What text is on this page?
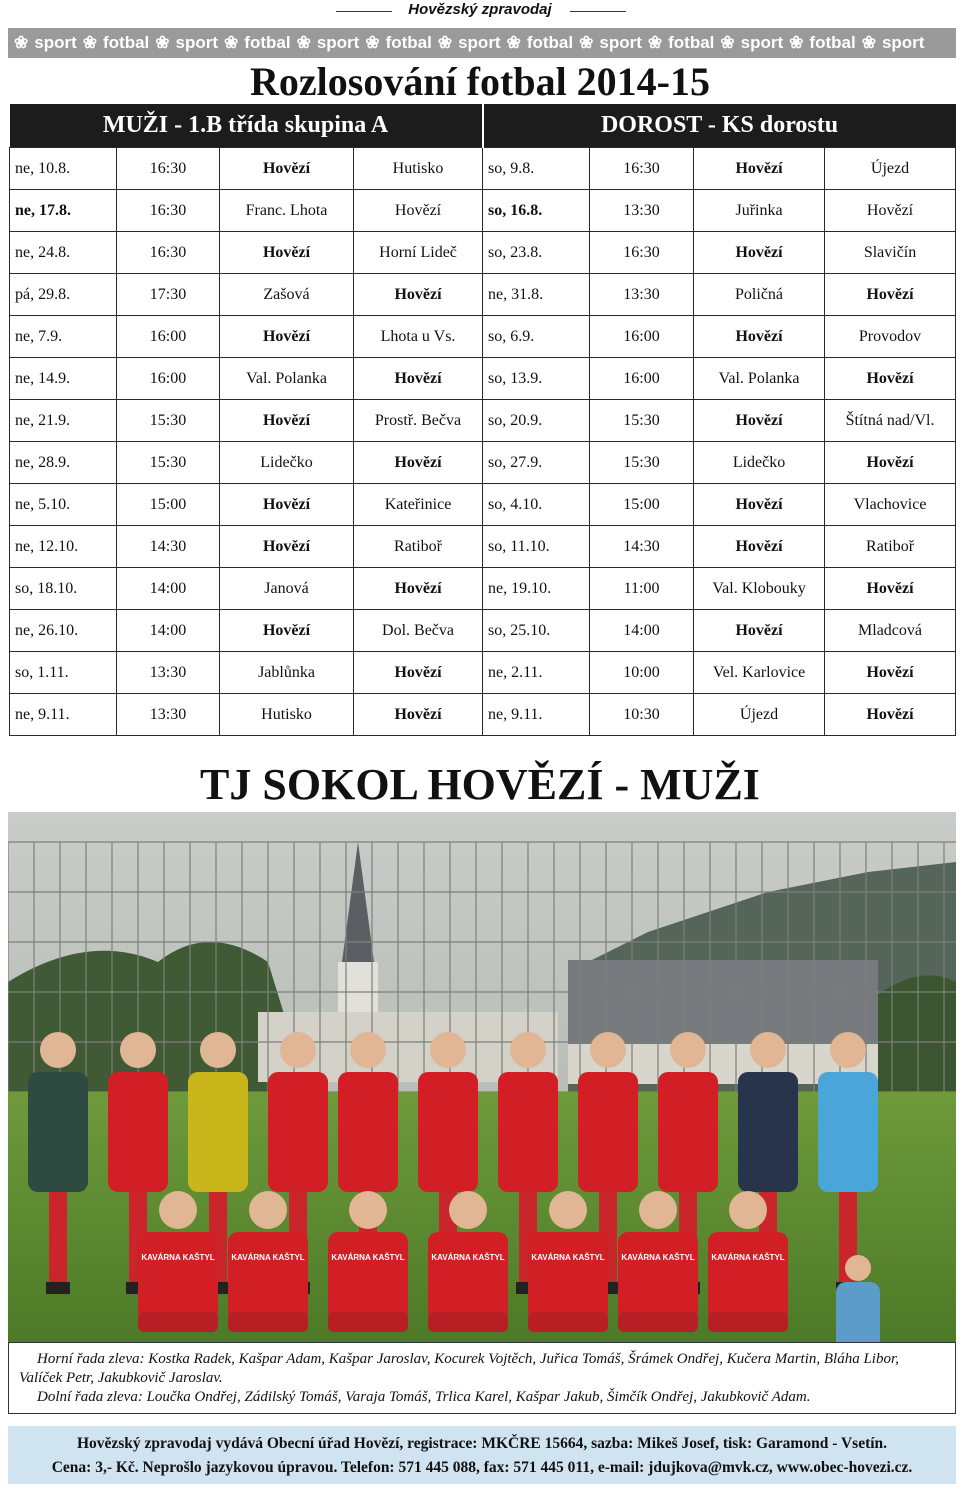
Hovězský zpravodaj
❀ sport ❀ fotbal ❀ sport ❀ fotbal ❀ sport ❀ fotbal ❀ sport ❀ fotbal ❀ sport ❀ fotbal ❀ sport ❀ fotbal ❀ sport
Rozlosování fotbal 2014-15
MUŽI - 1.B třída skupina A				DOROST - KS dorostu			
ne, 10.8.	16:30	Hovězí	Hutisko	so, 9.8.	16:30	Hovězí	Újezd
ne, 17.8.	16:30	Franc. Lhota	Hovězí	so, 16.8.	13:30	Juřinka	Hovězí
ne, 24.8.	16:30	Hovězí	Horní Lideč	so, 23.8.	16:30	Hovězí	Slavičín
pá, 29.8.	17:30	Zašová	Hovězí	ne, 31.8.	13:30	Poličná	Hovězí
ne, 7.9.	16:00	Hovězí	Lhota u Vs.	so, 6.9.	16:00	Hovězí	Provodov
ne, 14.9.	16:00	Val. Polanka	Hovězí	so, 13.9.	16:00	Val. Polanka	Hovězí
ne, 21.9.	15:30	Hovězí	Prostř. Bečva	so, 20.9.	15:30	Hovězí	Štítná nad/Vl.
ne, 28.9.	15:30	Lidečko	Hovězí	so, 27.9.	15:30	Lidečko	Hovězí
ne, 5.10.	15:00	Hovězí	Kateřinice	so, 4.10.	15:00	Hovězí	Vlachovice
ne, 12.10.	14:30	Hovězí	Ratiboř	so, 11.10.	14:30	Hovězí	Ratiboř
so, 18.10.	14:00	Janová	Hovězí	ne, 19.10.	11:00	Val. Klobouky	Hovězí
ne, 26.10.	14:00	Hovězí	Dol. Bečva	so, 25.10.	14:00	Hovězí	Mladcová
so, 1.11.	13:30	Jablůnka	Hovězí	ne, 2.11.	10:00	Vel. Karlovice	Hovězí
ne, 9.11.	13:30	Hutisko	Hovězí	ne, 9.11.	10:30	Újezd	Hovězí
TJ SOKOL HOVĚZÍ - MUŽI
KAVÁRNA KAŠTYL KAVÁRNA KAŠTYL	KAVÁRNA KAŠTYL	KAVÁRNA KAŠTYL	KAVÁRNA KAŠTYL KAVÁRNA KAŠTYL KAVÁRNA KAŠTYL
Horní řada zleva: Kostka Radek, Kašpar Adam, Kašpar Jaroslav, Kocurek Vojtěch, Juřica Tomáš, Šrámek Ondřej, Kučera Martin, Bláha Libor, Valíček Petr, Jakubkovič Jaroslav.
Dolní řada zleva: Loučka Ondřej, Zádilský Tomáš, Varaja Tomáš, Trlica Karel, Kašpar Jakub, Šimčík Ondřej, Jakubkovič Adam.
Hovězský zpravodaj vydává Obecní úřad Hovězí, registrace: MKČRE 15664, sazba: Mikeš Josef, tisk: Garamond - Vsetín.
Cena: 3,- Kč. Neprošlo jazykovou úpravou. Telefon: 571 445 088, fax: 571 445 011, e-mail: jdujkova@mvk.cz, www.obec-hovezi.cz.
